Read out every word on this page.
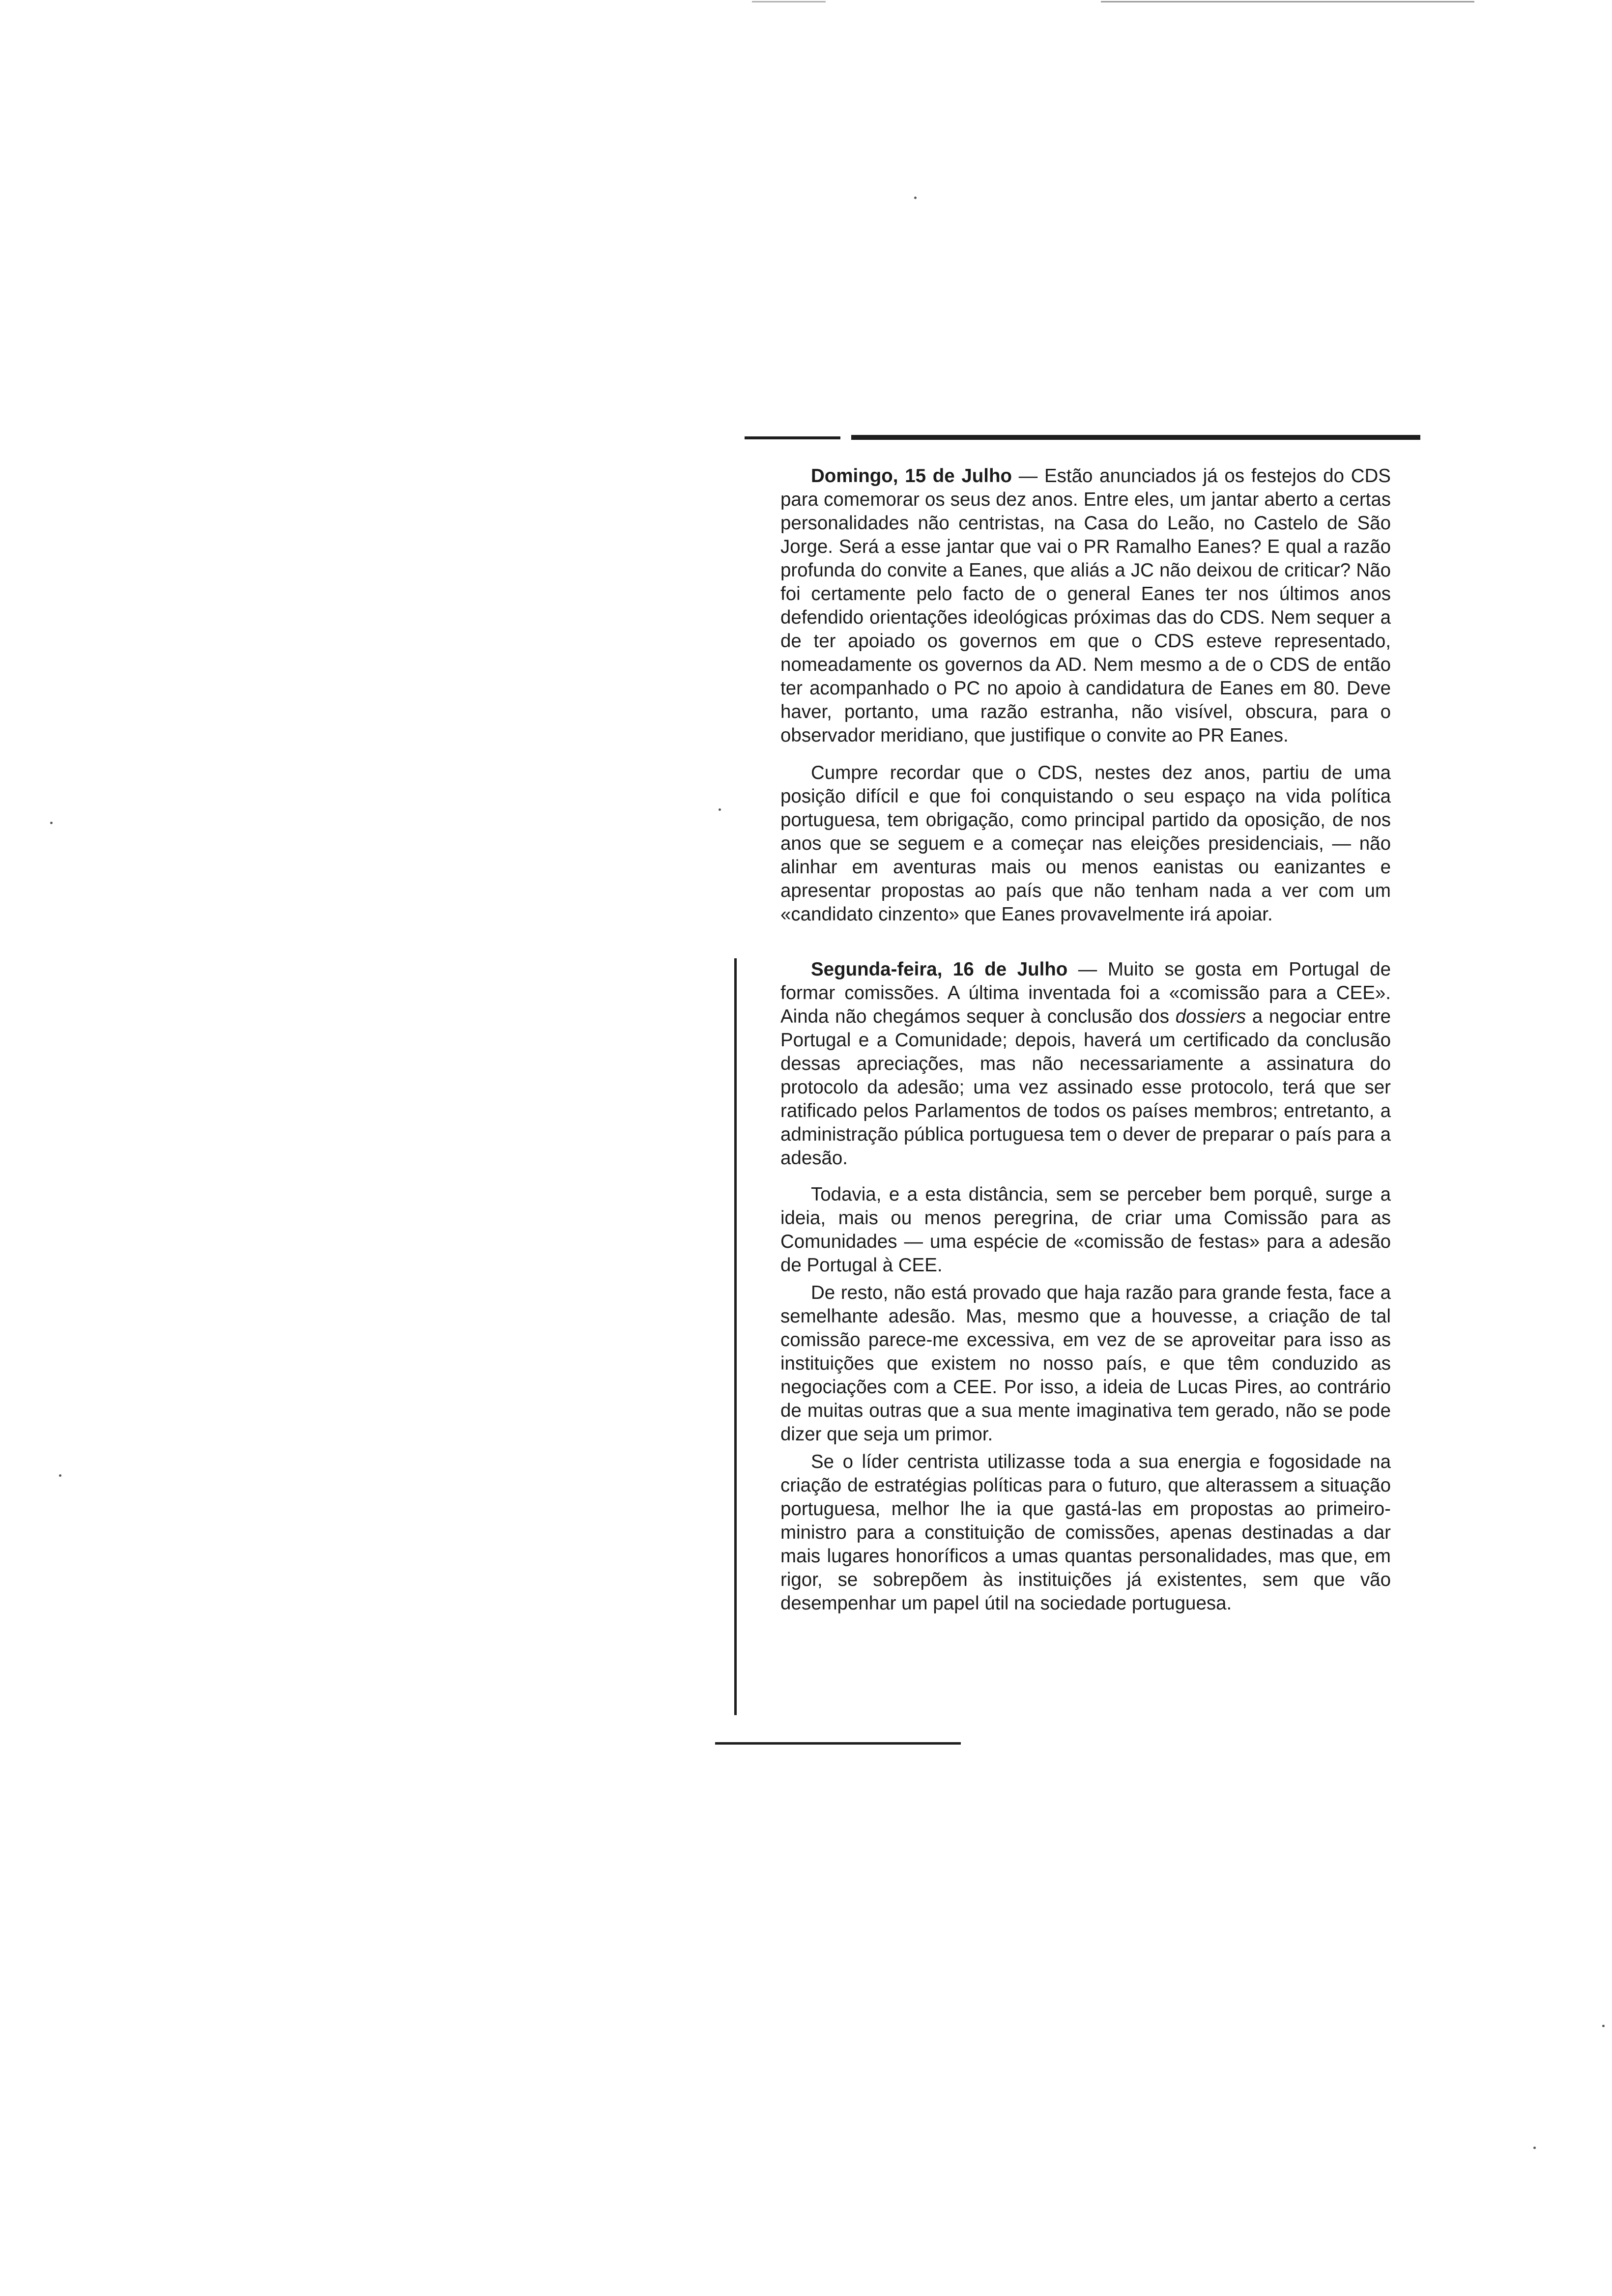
Domingo, 15 de Julho — Estão anunciados já os festejos do CDS para comemorar os seus dez anos. Entre eles, um jantar aberto a certas personalidades não centristas, na Casa do Leão, no Castelo de São Jorge. Será a esse jantar que vai o PR Ramalho Eanes? E qual a razão profunda do convite a Eanes, que aliás a JC não deixou de criticar? Não foi certamente pelo facto de o general Eanes ter nos últimos anos defendido orientações ideológicas próximas das do CDS. Nem sequer a de ter apoiado os governos em que o CDS esteve representado, nomeadamente os governos da AD. Nem mesmo a de o CDS de então ter acompanhado o PC no apoio à candidatura de Eanes em 80. Deve haver, portanto, uma razão estranha, não visível, obscura, para o observador meridiano, que justifique o convite ao PR Eanes.

Cumpre recordar que o CDS, nestes dez anos, partiu de uma posição difícil e que foi conquistando o seu espaço na vida política portuguesa, tem obrigação, como principal partido da oposição, de nos anos que se seguem e a começar nas eleições presidenciais, — não alinhar em aventuras mais ou menos eanistas ou eanizantes e apresentar propostas ao país que não tenham nada a ver com um «candidato cinzento» que Eanes provavelmente irá apoiar.

Segunda-feira, 16 de Julho — Muito se gosta em Portugal de formar comissões. A última inventada foi a «comissão para a CEE». Ainda não chegámos sequer à conclusão dos dossiers a negociar entre Portugal e a Comunidade; depois, haverá um certificado da conclusão dessas apreciações, mas não necessariamente a assinatura do protocolo da adesão; uma vez assinado esse protocolo, terá que ser ratificado pelos Parlamentos de todos os países membros; entretanto, a administração pública portuguesa tem o dever de preparar o país para a adesão.

Todavia, e a esta distância, sem se perceber bem porquê, surge a ideia, mais ou menos peregrina, de criar uma Comissão para as Comunidades — uma espécie de «comissão de festas» para a adesão de Portugal à CEE.

De resto, não está provado que haja razão para grande festa, face a semelhante adesão. Mas, mesmo que a houvesse, a criação de tal comissão parece-me excessiva, em vez de se aproveitar para isso as instituições que existem no nosso país, e que têm conduzido as negociações com a CEE. Por isso, a ideia de Lucas Pires, ao contrário de muitas outras que a sua mente imaginativa tem gerado, não se pode dizer que seja um primor.

Se o líder centrista utilizasse toda a sua energia e fogosidade na criação de estratégias políticas para o futuro, que alterassem a situação portuguesa, melhor lhe ia que gastá-las em propostas ao primeiro-ministro para a constituição de comissões, apenas destinadas a dar mais lugares honoríficos a umas quantas personalidades, mas que, em rigor, se sobrepõem às instituições já existentes, sem que vão desempenhar um papel útil na sociedade portuguesa.
